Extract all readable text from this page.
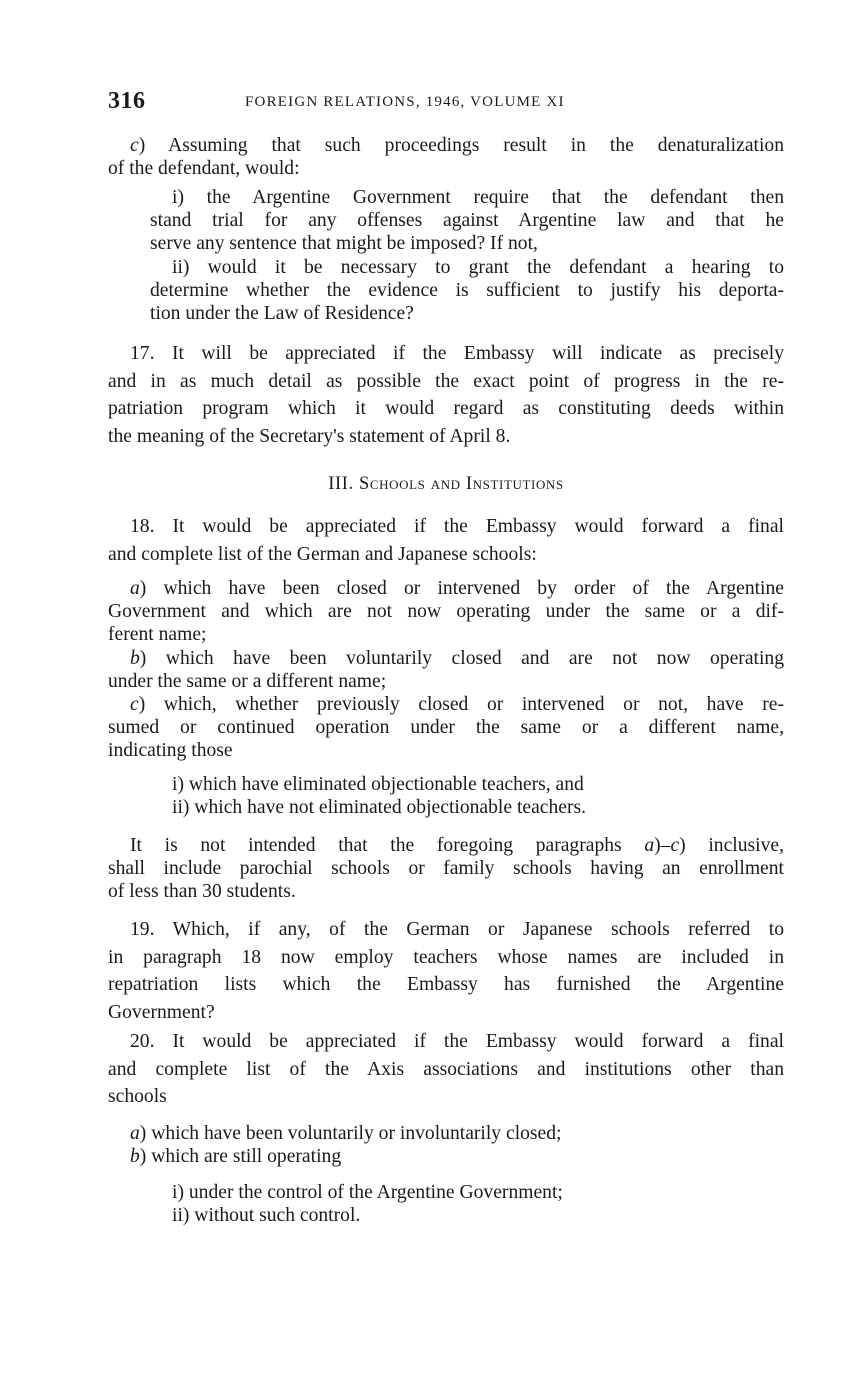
316	FOREIGN RELATIONS, 1946, VOLUME XI
c) Assuming that such proceedings result in the denaturalization
of the defendant, would:
i) the Argentine Government require that the defendant then
stand trial for any offenses against Argentine law and that he
serve any sentence that might be imposed? If not,
ii) would it be necessary to grant the defendant a hearing to
determine whether the evidence is sufficient to justify his deporta-
tion under the Law of Residence?
17. It will be appreciated if the Embassy will indicate as precisely
and in as much detail as possible the exact point of progress in the re-
patriation program which it would regard as constituting deeds within
the meaning of the Secretary's statement of April 8.
III. Schools and Institutions
18. It would be appreciated if the Embassy would forward a final
and complete list of the German and Japanese schools:
a) which have been closed or intervened by order of the Argentine
Government and which are not now operating under the same or a dif-
ferent name;
b) which have been voluntarily closed and are not now operating
under the same or a different name;
c) which, whether previously closed or intervened or not, have re-
sumed or continued operation under the same or a different name,
indicating those
i) which have eliminated objectionable teachers, and
ii) which have not eliminated objectionable teachers.
It is not intended that the foregoing paragraphs a)–c) inclusive,
shall include parochial schools or family schools having an enrollment
of less than 30 students.
19. Which, if any, of the German or Japanese schools referred to
in paragraph 18 now employ teachers whose names are included in
repatriation lists which the Embassy has furnished the Argentine
Government?
20. It would be appreciated if the Embassy would forward a final
and complete list of the Axis associations and institutions other than
schools
a) which have been voluntarily or involuntarily closed;
b) which are still operating
i) under the control of the Argentine Government;
ii) without such control.
